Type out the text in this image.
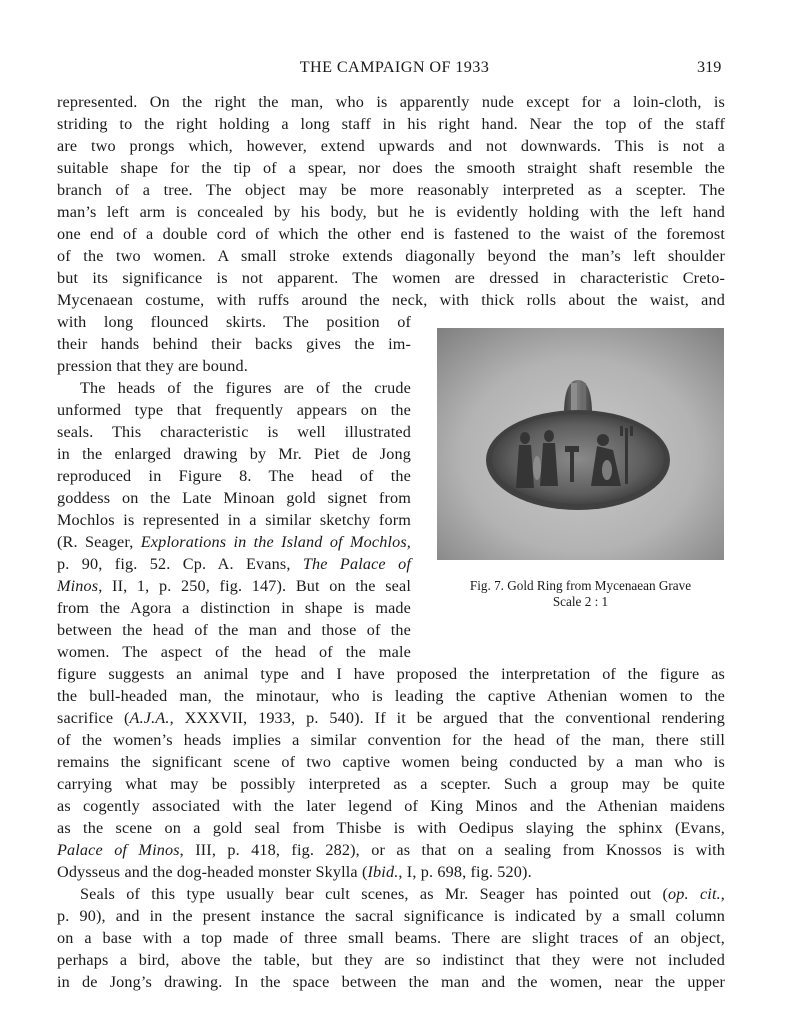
THE CAMPAIGN OF 1933	319
represented. On the right the man, who is apparently nude except for a loin-cloth, is
striding to the right holding a long staff in his right hand. Near the top of the staff
are two prongs which, however, extend upwards and not downwards. This is not a
suitable shape for the tip of a spear, nor does the smooth straight shaft resemble the
branch of a tree. The object may be more reasonably interpreted as a scepter. The
man’s left arm is concealed by his body, but he is evidently holding with the left hand
one end of a double cord of which the other end is fastened to the waist of the foremost
of the two women. A small stroke extends diagonally beyond the man’s left shoulder
but its significance is not apparent. The women are dressed in characteristic Creto-
Mycenaean costume, with ruffs around the neck, with thick rolls about the waist, and
with long flounced skirts. The position of
their hands behind their backs gives the im-
pression that they are bound.
The heads of the figures are of the crude
unformed type that frequently appears on the
seals. This characteristic is well illustrated
in the enlarged drawing by Mr. Piet de Jong
reproduced in Figure 8. The head of the
goddess on the Late Minoan gold signet from
Mochlos is represented in a similar sketchy form
(R. Seager, Explorations in the Island of Mochlos,
p. 90, fig. 52. Cp. A. Evans, The Palace of
Minos, II, 1, p. 250, fig. 147). But on the seal
from the Agora a distinction in shape is made
between the head of the man and those of the
women. The aspect of the head of the male
Fig. 7. Gold Ring from Mycenaean Grave
Scale 2 : 1
figure suggests an animal type and I have proposed the interpretation of the figure as
the bull-headed man, the minotaur, who is leading the captive Athenian women to the
sacrifice (A.J.A., XXXVII, 1933, p. 540). If it be argued that the conventional rendering
of the women’s heads implies a similar convention for the head of the man, there still
remains the significant scene of two captive women being conducted by a man who is
carrying what may be possibly interpreted as a scepter. Such a group may be quite
as cogently associated with the later legend of King Minos and the Athenian maidens
as the scene on a gold seal from Thisbe is with Oedipus slaying the sphinx (Evans,
Palace of Minos, III, p. 418, fig. 282), or as that on a sealing from Knossos is with
Odysseus and the dog-headed monster Skylla (Ibid., I, p. 698, fig. 520).
Seals of this type usually bear cult scenes, as Mr. Seager has pointed out (op. cit.,
p. 90), and in the present instance the sacral significance is indicated by a small column
on a base with a top made of three small beams. There are slight traces of an object,
perhaps a bird, above the table, but they are so indistinct that they were not included
in de Jong’s drawing. In the space between the man and the women, near the upper
